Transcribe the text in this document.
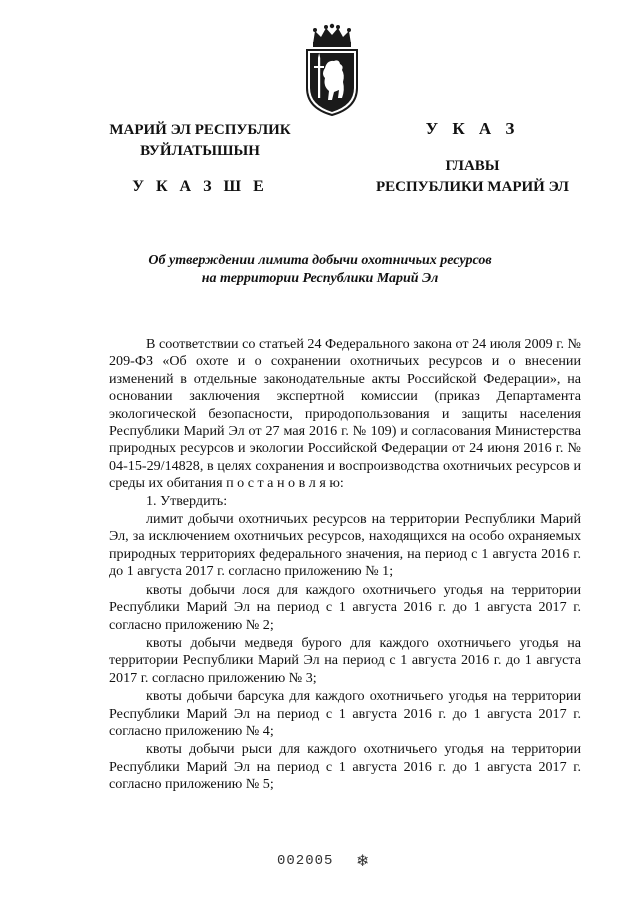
МАРИЙ ЭЛ РЕСПУБЛИК
ВУЙЛАТЫШЫН
У К А З Ш Е
У К А З
ГЛАВЫ
РЕСПУБЛИКИ МАРИЙ ЭЛ
Об утверждении лимита добычи охотничьих ресурсов
на территории Республики Марий Эл

В соответствии со статьей 24 Федерального закона от 24 июля 2009 г. № 209-ФЗ «Об охоте и о сохранении охотничьих ресурсов и о внесении изменений в отдельные законодательные акты Российской Федерации», на основании заключения экспертной комиссии (приказ Департамента экологической безопасности, природопользования и защиты населения Республики Марий Эл от 27 мая 2016 г. № 109) и согласования Министерства природных ресурсов и экологии Российской Федерации от 24 июня 2016 г. № 04-15-29/14828, в целях сохранения и воспроизводства охотничьих ресурсов и среды их обитания п о с т а н о в л я ю:

1. Утвердить:

лимит добычи охотничьих ресурсов на территории Республики Марий Эл, за исключением охотничьих ресурсов, находящихся на особо охраняемых природных территориях федерального значения, на период с 1 августа 2016 г. до 1 августа 2017 г. согласно приложению № 1;

квоты добычи лося для каждого охотничьего угодья на территории Республики Марий Эл на период с 1 августа 2016 г. до 1 августа 2017 г. согласно приложению № 2;

квоты добычи медведя бурого для каждого охотничьего угодья на территории Республики Марий Эл на период с 1 августа 2016 г. до 1 августа 2017 г. согласно приложению № 3;

квоты добычи барсука для каждого охотничьего угодья на территории Республики Марий Эл на период с 1 августа 2016 г. до 1 августа 2017 г. согласно приложению № 4;

квоты добычи рыси для каждого охотничьего угодья на территории Республики Марий Эл на период с 1 августа 2016 г. до 1 августа 2017 г. согласно приложению № 5;

002005 ❄
